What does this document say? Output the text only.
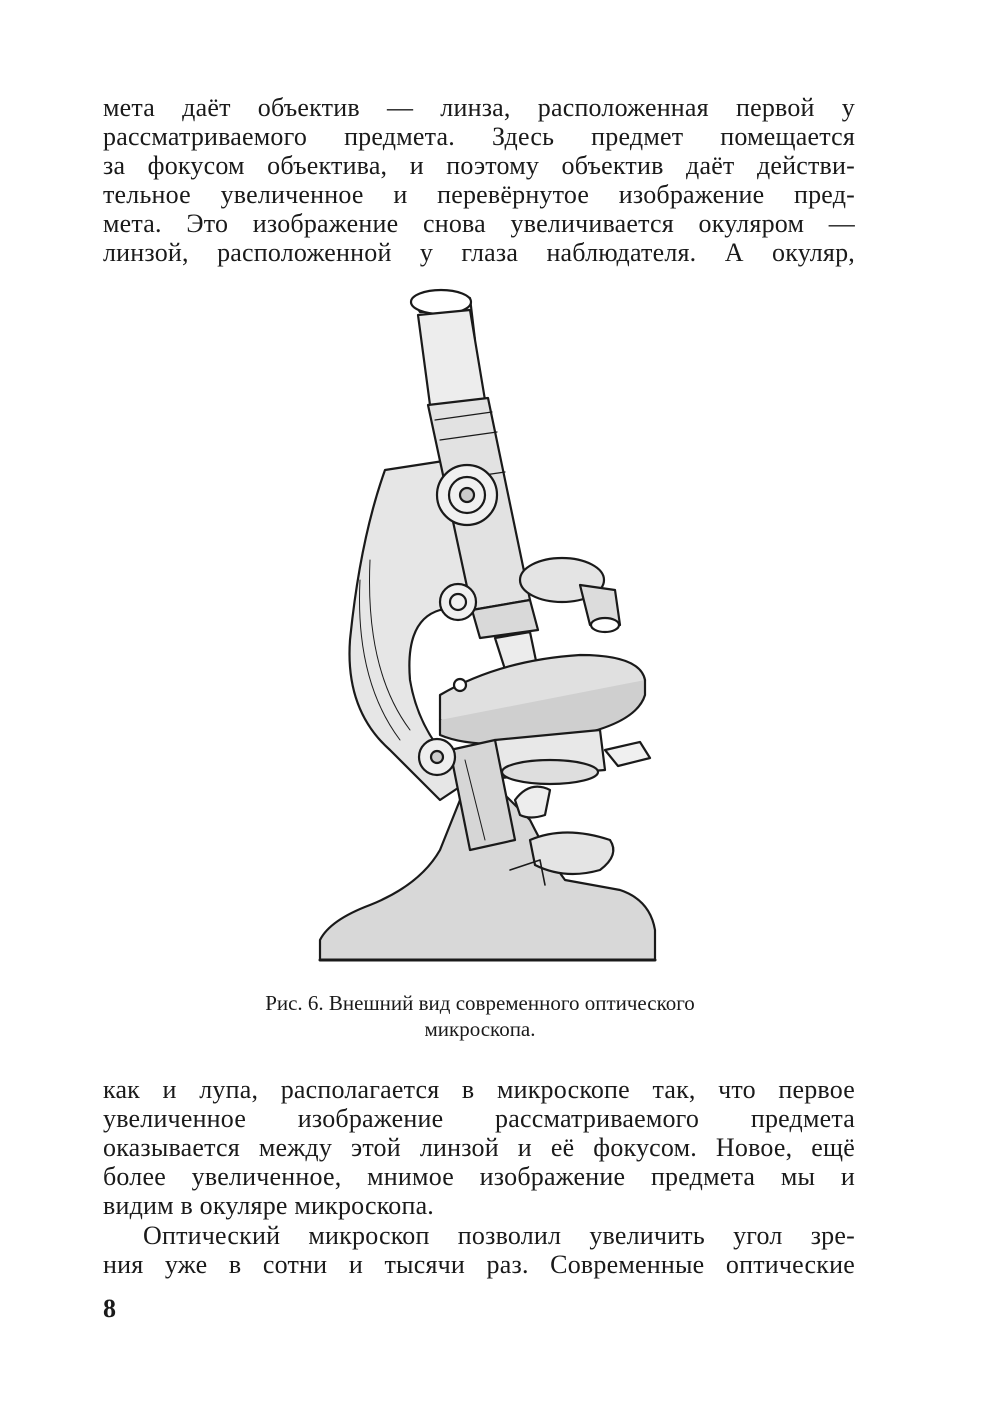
мета даёт объектив — линза, расположенная первой у
рассматриваемого предмета. Здесь предмет помещается
за фокусом объектива, и поэтому объектив даёт действи-
тельное увеличенное и перевёрнутое изображение пред-
мета. Это изображение снова увеличивается окуляром —
линзой, расположенной у глаза наблюдателя. А окуляр,
Рис. 6. Внешний вид современного оптического
микроскопа.
как и лупа, располагается в микроскопе так, что первое
увеличенное изображение рассматриваемого предмета
оказывается между этой линзой и её фокусом. Новое, ещё
более увеличенное, мнимое изображение предмета мы и
видим в окуляре микроскопа.
Оптический микроскоп позволил увеличить угол зре-
ния уже в сотни и тысячи раз. Современные оптические
8
